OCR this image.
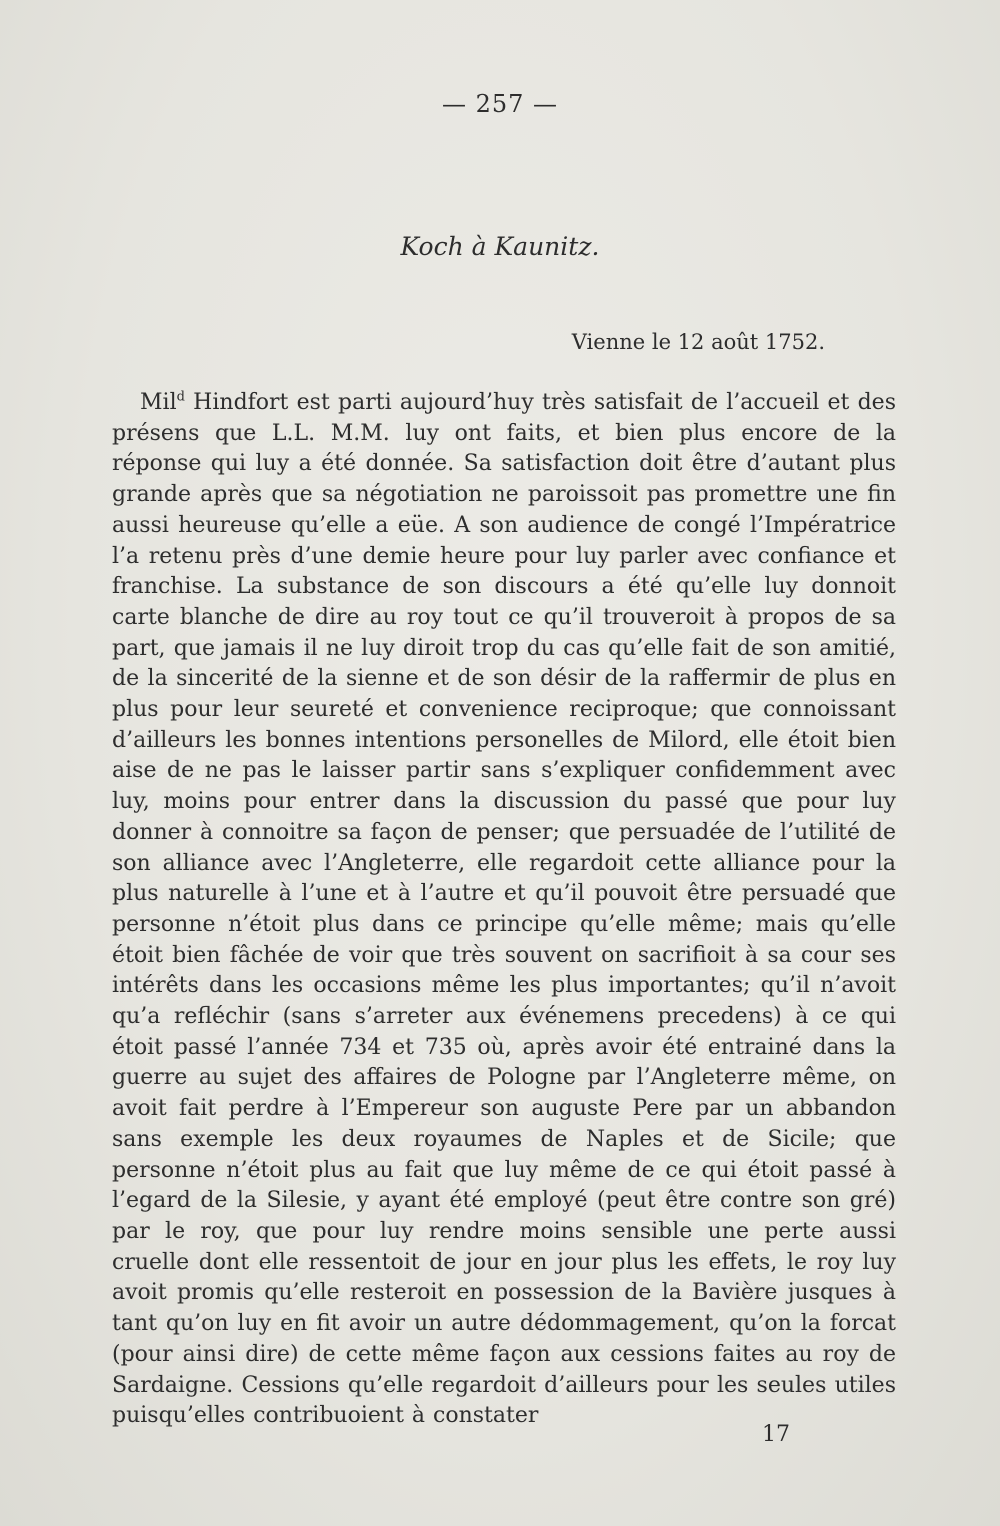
— 257 —
Koch à Kaunitz.
Vienne le 12 août 1752.

Mil$^d$ Hindfort est parti aujourd’huy très satisfait de l’accueil et des présens que L.L. M.M. luy ont faits, et bien plus encore de la réponse qui luy a été donnée. Sa satisfaction doit être d’autant plus grande après que sa négotiation ne paroissoit pas promettre une fin aussi heureuse qu’elle a eüe. A son audience de congé l’Impératrice l’a retenu près d’une demie heure pour luy parler avec confiance et franchise. La substance de son discours a été qu’elle luy donnoit carte blanche de dire au roy tout ce qu’il trouveroit à propos de sa part, que jamais il ne luy diroit trop du cas qu’elle fait de son amitié, de la sincerité de la sienne et de son désir de la raffermir de plus en plus pour leur seureté et convenience reciproque; que connoissant d’ailleurs les bonnes intentions personelles de Milord, elle étoit bien aise de ne pas le laisser partir sans s’expliquer confidemment avec luy, moins pour entrer dans la discussion du passé que pour luy donner à connoitre sa façon de penser; que persuadée de l’utilité de son alliance avec l’Angleterre, elle regardoit cette alliance pour la plus naturelle à l’une et à l’autre et qu’il pouvoit être persuadé que personne n’étoit plus dans ce principe qu’elle même; mais qu’elle étoit bien fâchée de voir que très souvent on sacrifioit à sa cour ses intérêts dans les occasions même les plus importantes; qu’il n’avoit qu’a refléchir (sans s’arreter aux événemens precedens) à ce qui étoit passé l’année 734 et 735 où, après avoir été entrainé dans la guerre au sujet des affaires de Pologne par l’Angleterre même, on avoit fait perdre à l’Empereur son auguste Pere par un abbandon sans exemple les deux royaumes de Naples et de Sicile; que personne n’étoit plus au fait que luy même de ce qui étoit passé à l’egard de la Silesie, y ayant été employé (peut être contre son gré) par le roy, que pour luy rendre moins sensible une perte aussi cruelle dont elle ressentoit de jour en jour plus les effets, le roy luy avoit promis qu’elle resteroit en possession de la Bavière jusques à tant qu’on luy en fit avoir un autre dédommagement, qu’on la forcat (pour ainsi dire) de cette même façon aux cessions faites au roy de Sardaigne. Cessions qu’elle regardoit d’ailleurs pour les seules utiles puisqu’elles contribuoient à constater

17
